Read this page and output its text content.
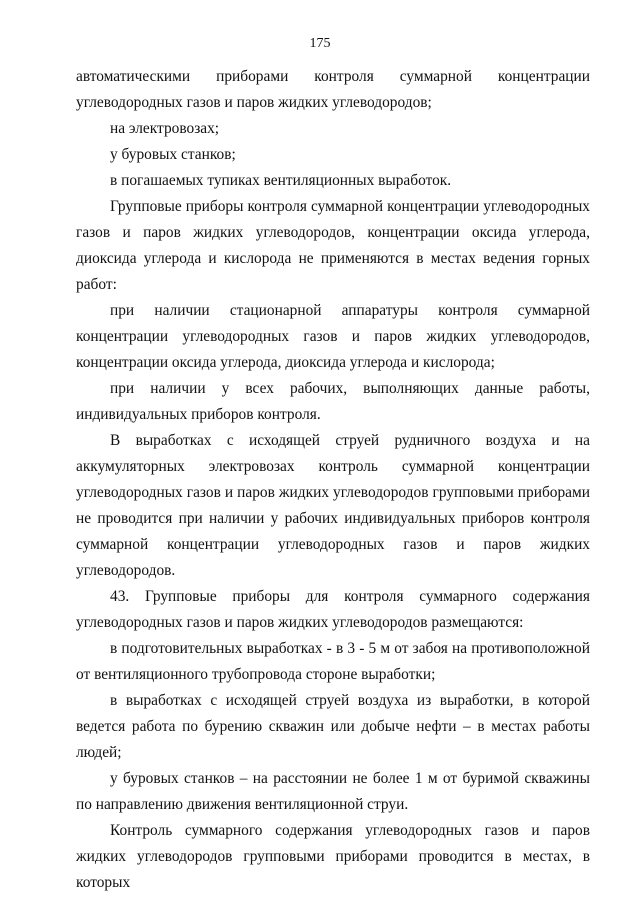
175

автоматическими приборами контроля суммарной концентрации углеводородных газов и паров жидких углеводородов;

на электровозах;

у буровых станков;

в погашаемых тупиках вентиляционных выработок.

Групповые приборы контроля суммарной концентрации углеводородных газов и паров жидких углеводородов, концентрации оксида углерода, диоксида углерода и кислорода не применяются в местах ведения горных работ:

при наличии стационарной аппаратуры контроля суммарной концентрации углеводородных газов и паров жидких углеводородов, концентрации оксида углерода, диоксида углерода и кислорода;

при наличии у всех рабочих, выполняющих данные работы, индивидуальных приборов контроля.

В выработках с исходящей струей рудничного воздуха и на аккумуляторных электровозах контроль суммарной концентрации углеводородных газов и паров жидких углеводородов групповыми приборами не проводится при наличии у рабочих индивидуальных приборов контроля суммарной концентрации углеводородных газов и паров жидких углеводородов.

43. Групповые приборы для контроля суммарного содержания углеводородных газов и паров жидких углеводородов размещаются:

в подготовительных выработках - в 3 - 5 м от забоя на противоположной от вентиляционного трубопровода стороне выработки;

в выработках с исходящей струей воздуха из выработки, в которой ведется работа по бурению скважин или добыче нефти – в местах работы людей;

у буровых станков – на расстоянии не более 1 м от буримой скважины по направлению движения вентиляционной струи.

Контроль суммарного содержания углеводородных газов и паров жидких углеводородов групповыми приборами проводится в местах, в которых
